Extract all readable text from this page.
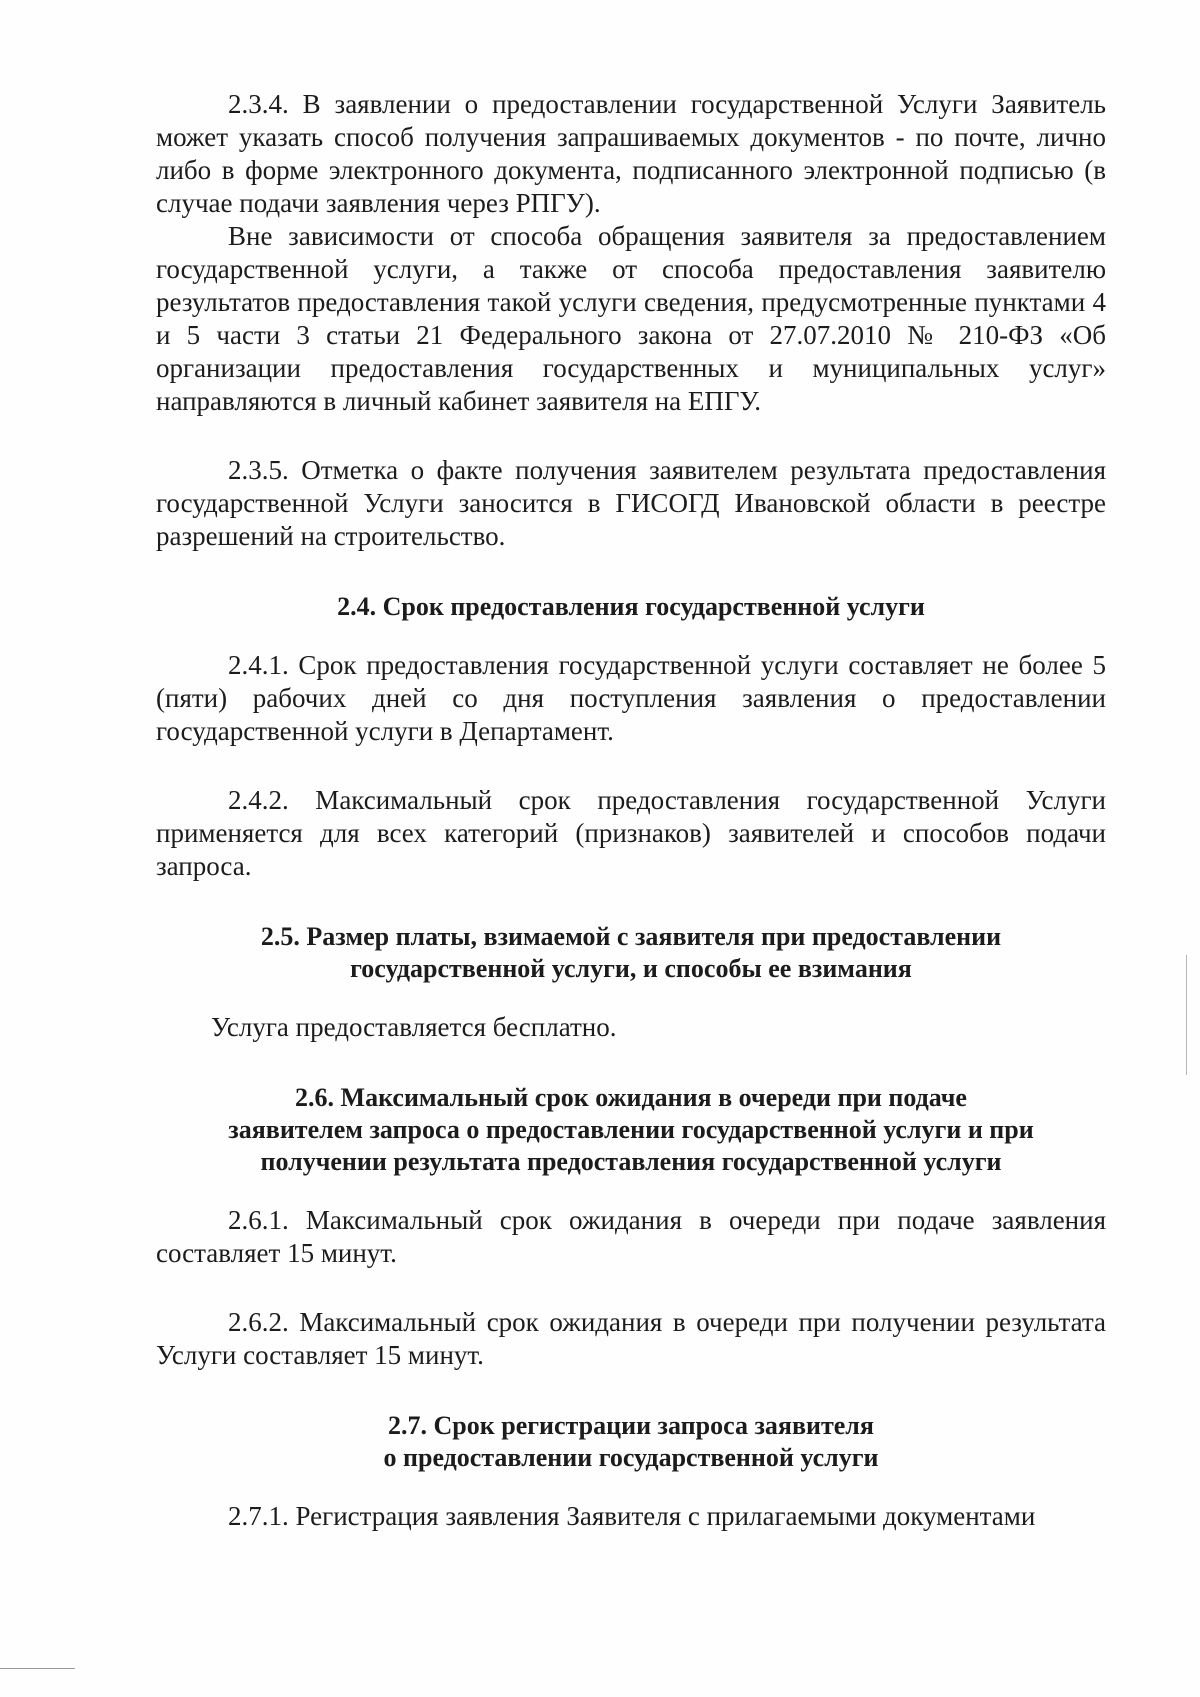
2.3.4. В заявлении о предоставлении государственной Услуги Заявитель может указать способ получения запрашиваемых документов - по почте, лично либо в форме электронного документа, подписанного электронной подписью (в случае подачи заявления через РПГУ).

Вне зависимости от способа обращения заявителя за предоставлением государственной услуги, а также от способа предоставления заявителю результатов предоставления такой услуги сведения, предусмотренные пунктами 4 и 5 части 3 статьи 21 Федерального закона от 27.07.2010 № 210-ФЗ «Об организации предоставления государственных и муниципальных услуг» направляются в личный кабинет заявителя на ЕПГУ.

2.3.5. Отметка о факте получения заявителем результата предоставления государственной Услуги заносится в ГИСОГД Ивановской области в реестре разрешений на строительство.

2.4. Срок предоставления государственной услуги

2.4.1. Срок предоставления государственной услуги составляет не более 5 (пяти) рабочих дней со дня поступления заявления о предоставлении государственной услуги в Департамент.

2.4.2. Максимальный срок предоставления государственной Услуги применяется для всех категорий (признаков) заявителей и способов подачи запроса.

2.5. Размер платы, взимаемой с заявителя при предоставлении
государственной услуги, и способы ее взимания

Услуга предоставляется бесплатно.

2.6. Максимальный срок ожидания в очереди при подаче
заявителем запроса о предоставлении государственной услуги и при
получении результата предоставления государственной услуги

2.6.1. Максимальный срок ожидания в очереди при подаче заявления составляет 15 минут.

2.6.2. Максимальный срок ожидания в очереди при получении результата Услуги составляет 15 минут.

2.7. Срок регистрации запроса заявителя
о предоставлении государственной услуги

2.7.1. Регистрация заявления Заявителя с прилагаемыми документами
